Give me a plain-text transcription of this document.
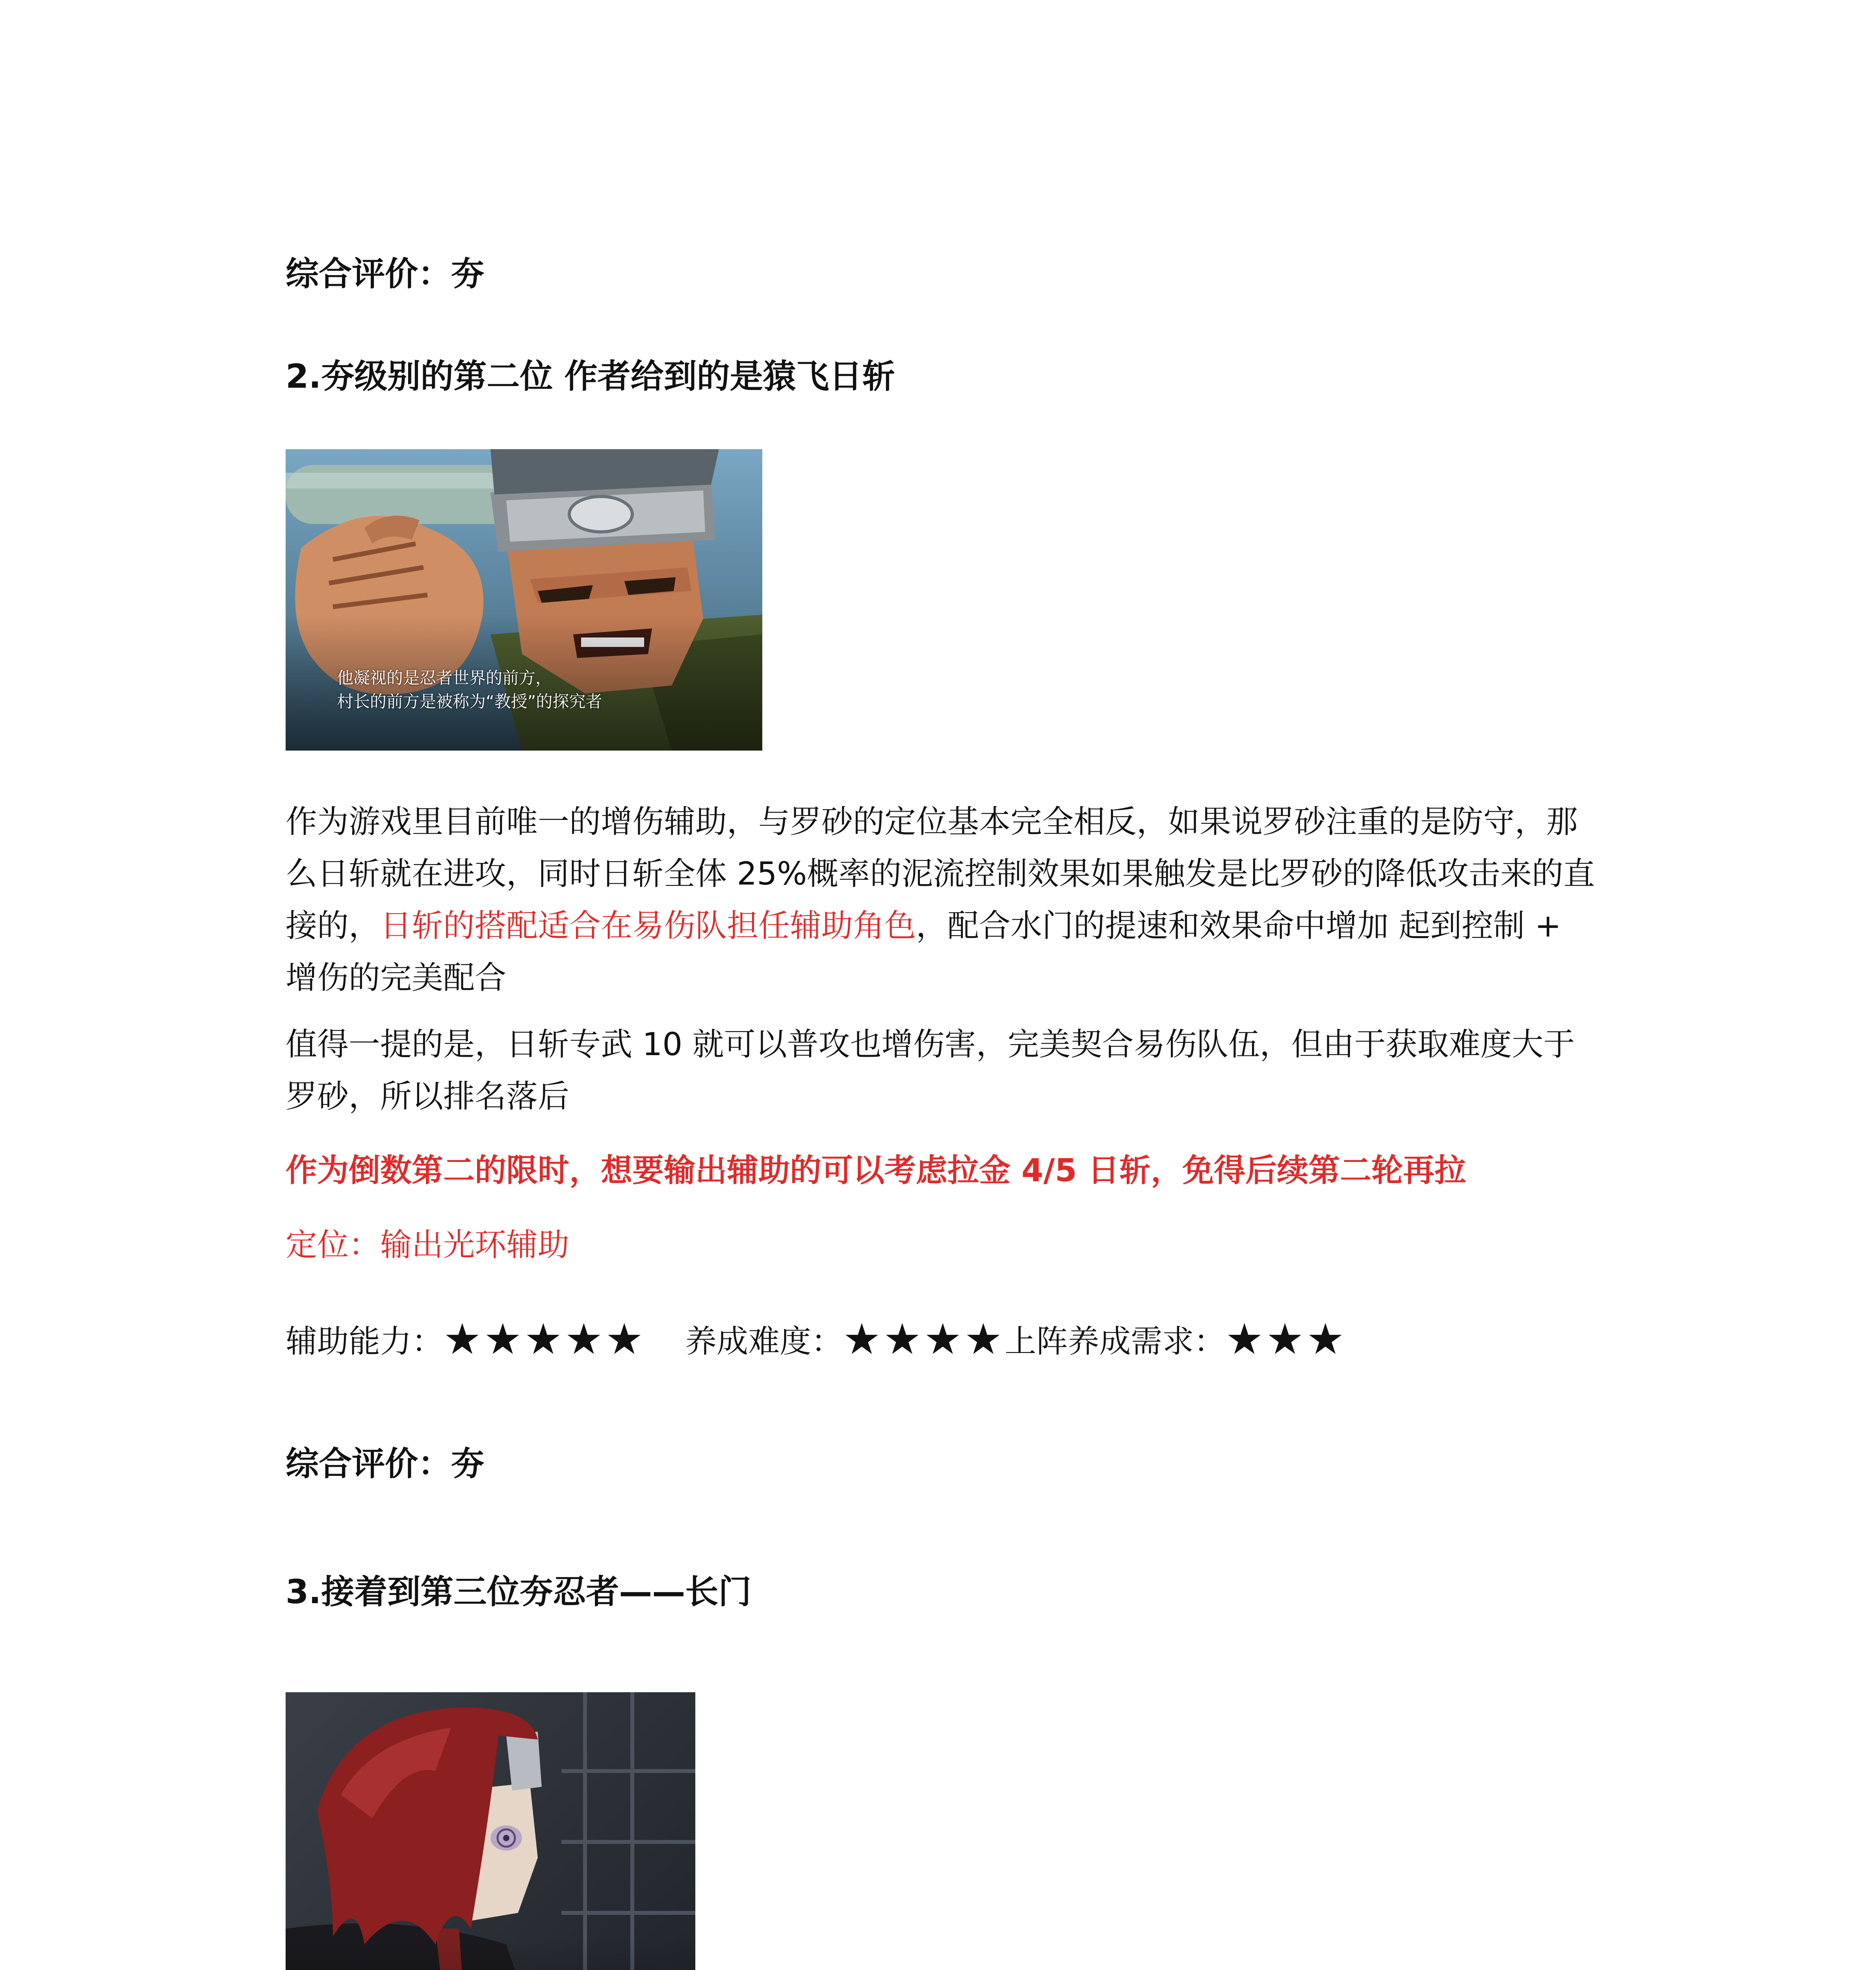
综合评价：夯

2.夯级别的第二位 作者给到的是猿飞日斩

他凝视的是忍者世界的前方，
村长的前方是被称为“教授”的探究者

作为游戏里目前唯一的增伤辅助，与罗砂的定位基本完全相反，如果说罗砂注重的是防守，那么日斩就在进攻，同时日斩全体 25%概率的泥流控制效果如果触发是比罗砂的降低攻击来的直接的，日斩的搭配适合在易伤队担任辅助角色，配合水门的提速和效果命中增加 起到控制 + 增伤的完美配合

值得一提的是，日斩专武 10 就可以普攻也增伤害，完美契合易伤队伍，但由于获取难度大于罗砂，所以排名落后

作为倒数第二的限时，想要输出辅助的可以考虑拉金 4/5 日斩，免得后续第二轮再拉

定位：输出光环辅助

辅助能力：★★★★★ 养成难度：★★★★上阵养成需求：★★★

综合评价：夯

3.接着到第三位夯忍者——长门
